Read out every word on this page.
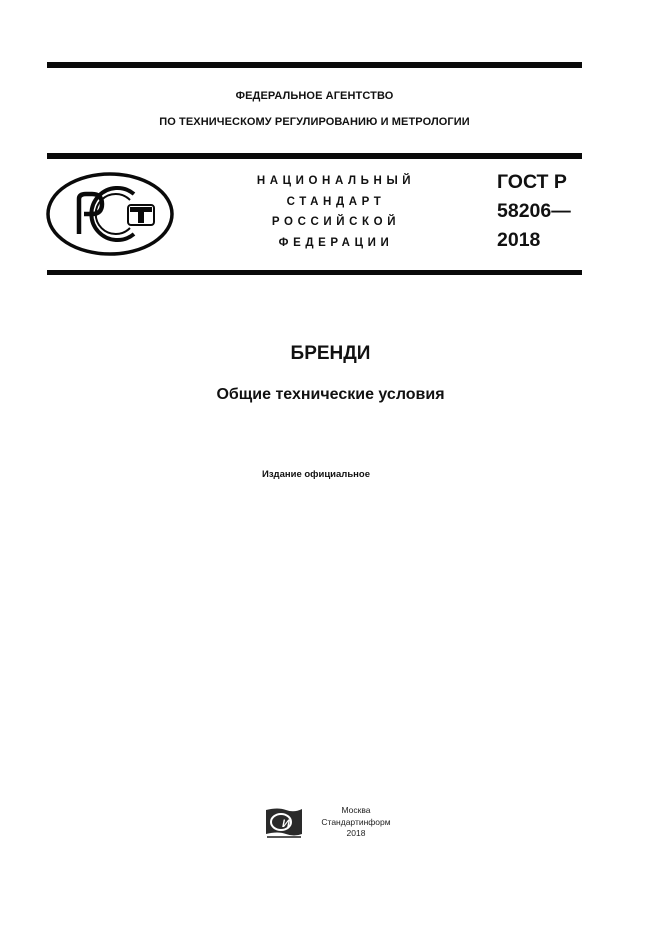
ФЕДЕРАЛЬНОЕ АГЕНТСТВО
ПО ТЕХНИЧЕСКОМУ РЕГУЛИРОВАНИЮ И МЕТРОЛОГИИ
НАЦИОНАЛЬНЫЙ
СТАНДАРТ
РОССИЙСКОЙ
ФЕДЕРАЦИИ
ГОСТ Р
58206—
2018
БРЕНДИ
Общие технические условия
Издание официальное
И
Москва
Стандартинформ
2018
